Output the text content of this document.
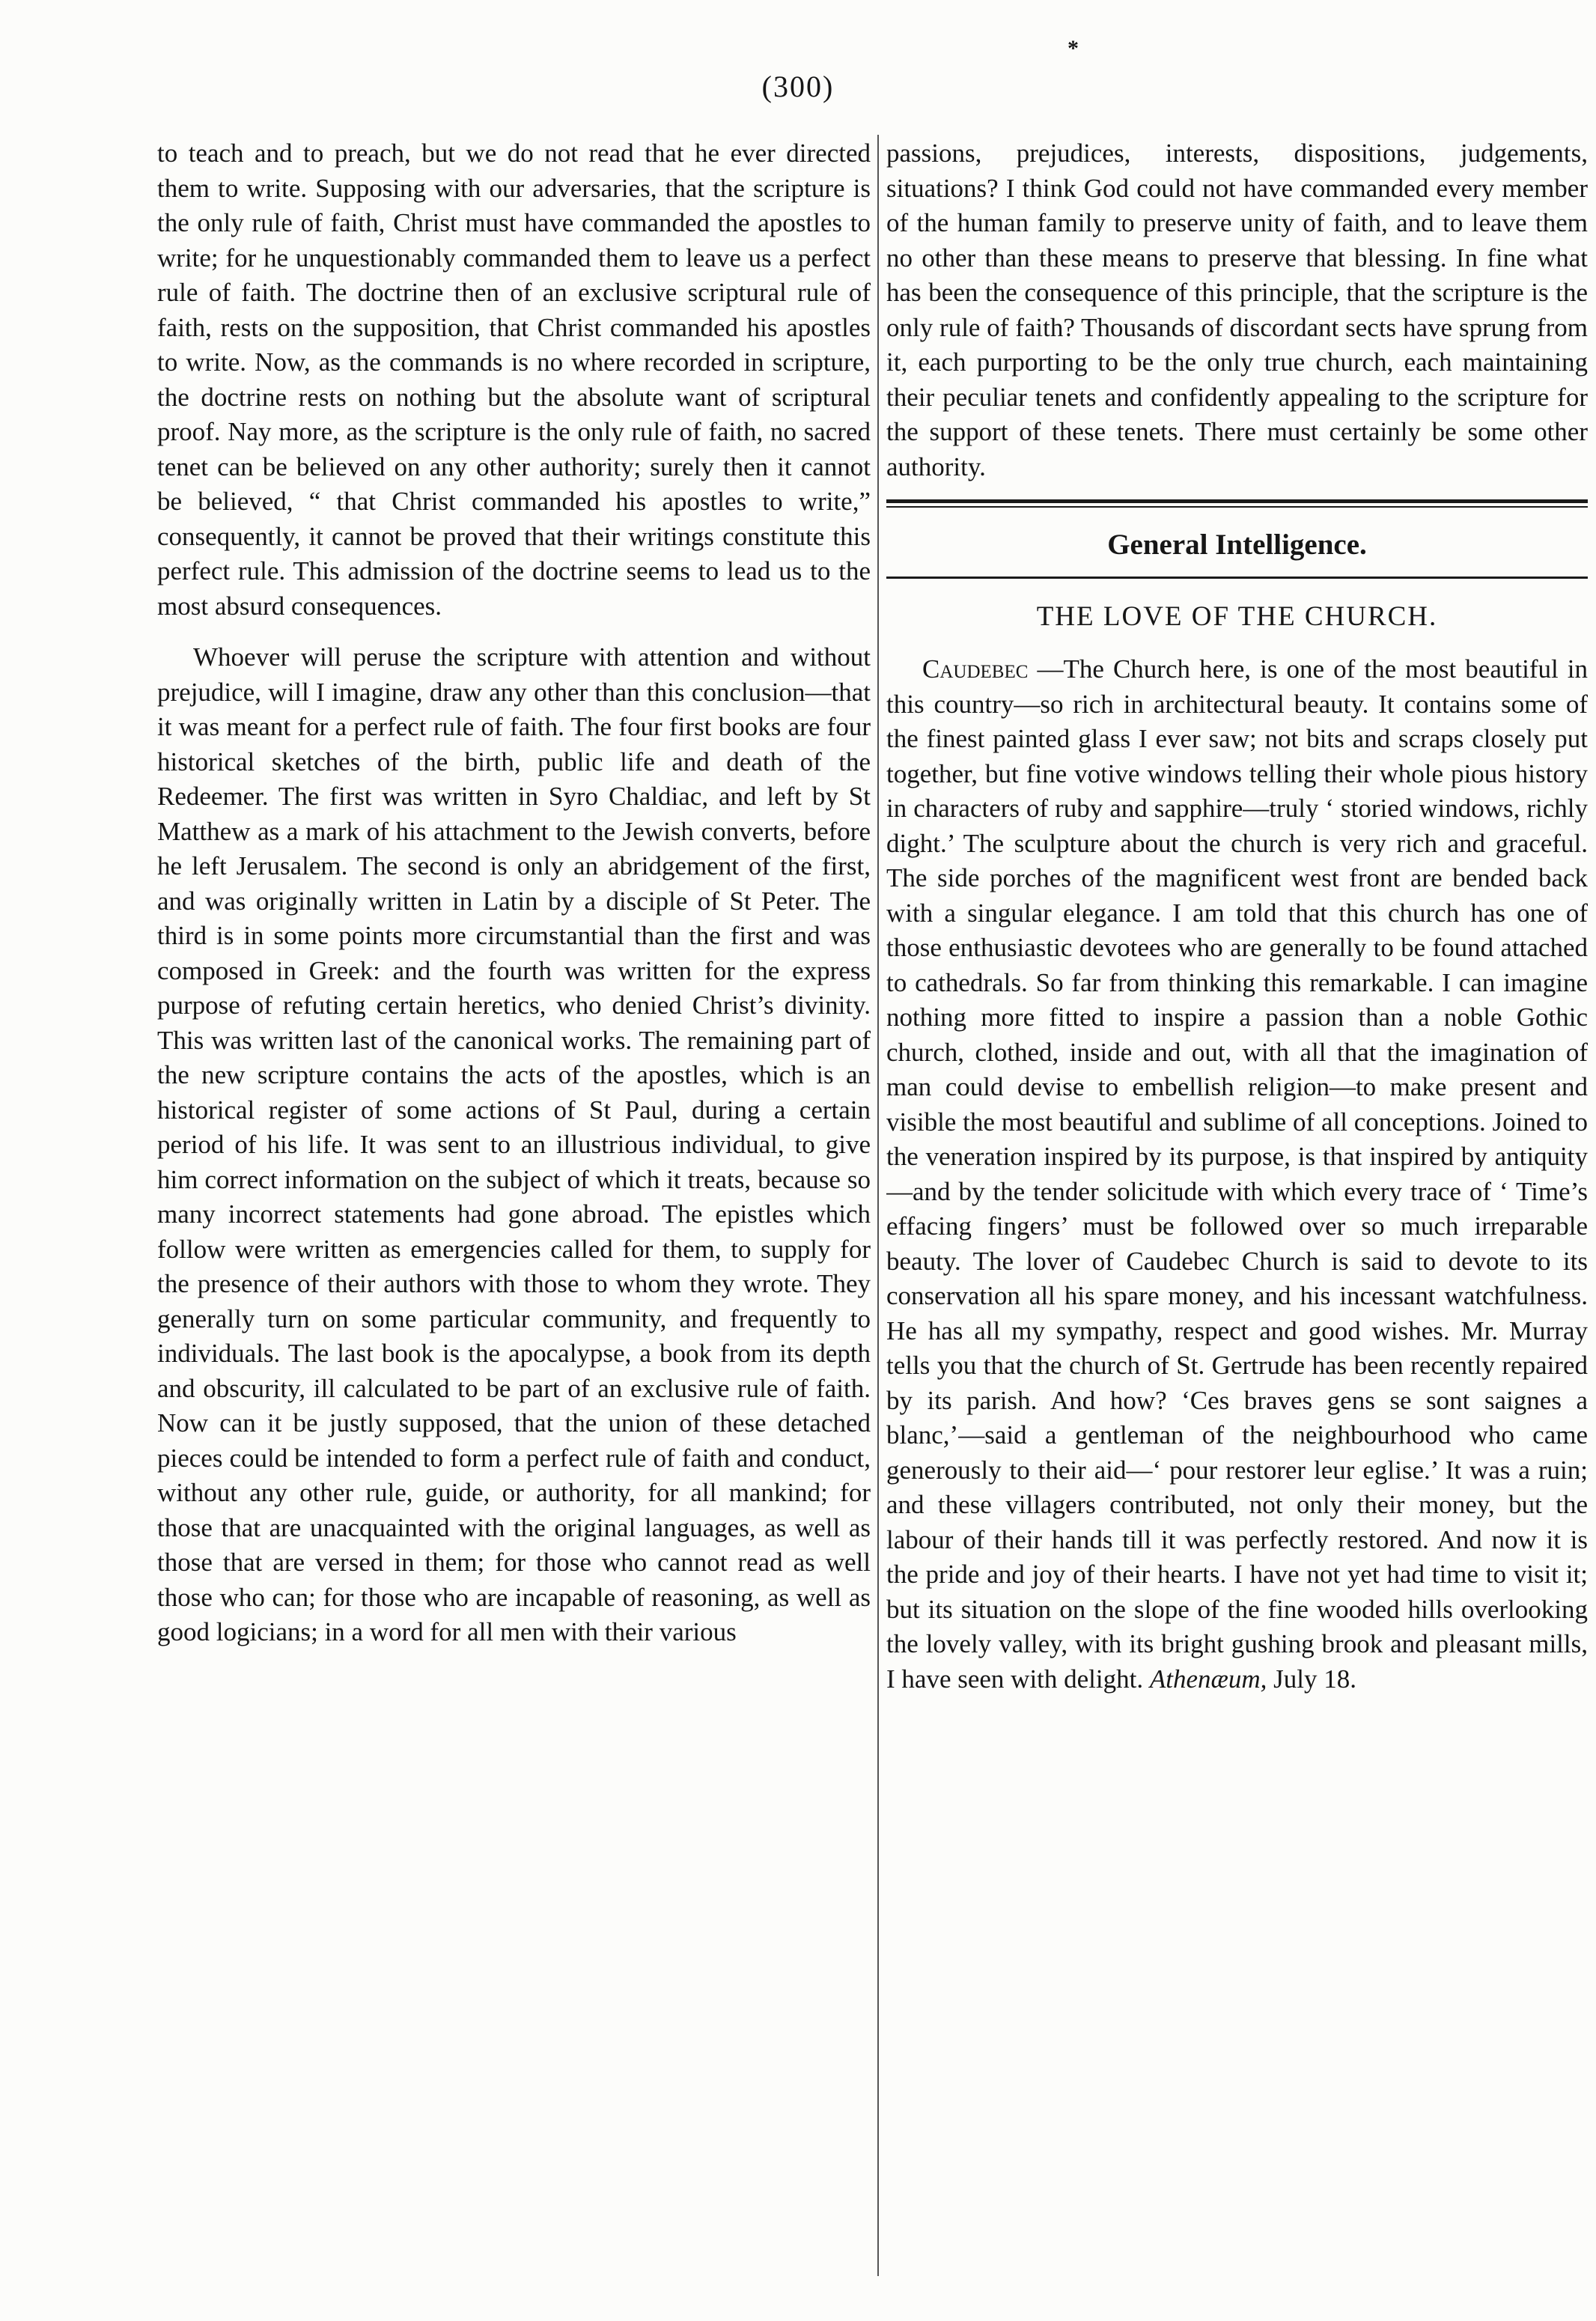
(300)
*

to teach and to preach, but we do not read that he ever directed them to write. Supposing with our adversaries, that the scripture is the only rule of faith, Christ must have commanded the apostles to write; for he unquestionably commanded them to leave us a perfect rule of faith. The doctrine then of an exclusive scriptural rule of faith, rests on the supposition, that Christ commanded his apostles to write. Now, as the commands is no where recorded in scripture, the doctrine rests on nothing but the absolute want of scriptural proof. Nay more, as the scripture is the only rule of faith, no sacred tenet can be believed on any other authority; surely then it cannot be believed, “ that Christ commanded his apostles to write,” consequently, it cannot be proved that their writings constitute this perfect rule. This admission of the doctrine seems to lead us to the most absurd consequences.

Whoever will peruse the scripture with attention and without prejudice, will I imagine, draw any other than this conclusion—that it was meant for a perfect rule of faith. The four first books are four historical sketches of the birth, public life and death of the Redeemer. The first was written in Syro Chaldiac, and left by St Matthew as a mark of his attachment to the Jewish converts, before he left Jerusalem. The second is only an abridgement of the first, and was originally written in Latin by a disciple of St Peter. The third is in some points more circumstantial than the first and was composed in Greek: and the fourth was written for the express purpose of refuting certain heretics, who denied Christ’s divinity. This was written last of the canonical works. The remaining part of the new scripture contains the acts of the apostles, which is an historical register of some actions of St Paul, during a certain period of his life. It was sent to an illustrious individual, to give him correct information on the subject of which it treats, because so many incorrect statements had gone abroad. The epistles which follow were written as emergencies called for them, to supply for the presence of their authors with those to whom they wrote. They generally turn on some particular community, and frequently to individuals. The last book is the apocalypse, a book from its depth and obscurity, ill calculated to be part of an exclusive rule of faith. Now can it be justly supposed, that the union of these detached pieces could be intended to form a perfect rule of faith and conduct, without any other rule, guide, or authority, for all mankind; for those that are unacquainted with the original languages, as well as those that are versed in them; for those who cannot read as well those who can; for those who are incapable of reasoning, as well as good logicians; in a word for all men with their various

passions, prejudices, interests, dispositions, judgements, situations? I think God could not have commanded every member of the human family to preserve unity of faith, and to leave them no other than these means to preserve that blessing. In fine what has been the consequence of this principle, that the scripture is the only rule of faith? Thousands of discordant sects have sprung from it, each purporting to be the only true church, each maintaining their peculiar tenets and confidently appealing to the scripture for the support of these tenets. There must certainly be some other authority.

General Intelligence.
THE LOVE OF THE CHURCH.

Caudebec —The Church here, is one of the most beautiful in this country—so rich in architectural beauty. It contains some of the finest painted glass I ever saw; not bits and scraps closely put together, but fine votive windows telling their whole pious history in characters of ruby and sapphire—truly ‘ storied windows, richly dight.’ The sculpture about the church is very rich and graceful. The side porches of the magnificent west front are bended back with a singular elegance. I am told that this church has one of those enthusiastic devotees who are generally to be found attached to cathedrals. So far from thinking this remarkable. I can imagine nothing more fitted to inspire a passion than a noble Gothic church, clothed, inside and out, with all that the imagination of man could devise to embellish religion—to make present and visible the most beautiful and sublime of all conceptions. Joined to the veneration inspired by its purpose, is that inspired by antiquity—and by the tender solicitude with which every trace of ‘ Time’s effacing fingers’ must be followed over so much irreparable beauty. The lover of Caudebec Church is said to devote to its conservation all his spare money, and his incessant watchfulness. He has all my sympathy, respect and good wishes. Mr. Murray tells you that the church of St. Gertrude has been recently repaired by its parish. And how? ‘Ces braves gens se sont saignes a blanc,’—said a gentleman of the neighbourhood who came generously to their aid—‘ pour restorer leur eglise.’ It was a ruin; and these villagers contributed, not only their money, but the labour of their hands till it was perfectly restored. And now it is the pride and joy of their hearts. I have not yet had time to visit it; but its situation on the slope of the fine wooded hills overlooking the lovely valley, with its bright gushing brook and pleasant mills, I have seen with delight. Athenæum, July 18.
